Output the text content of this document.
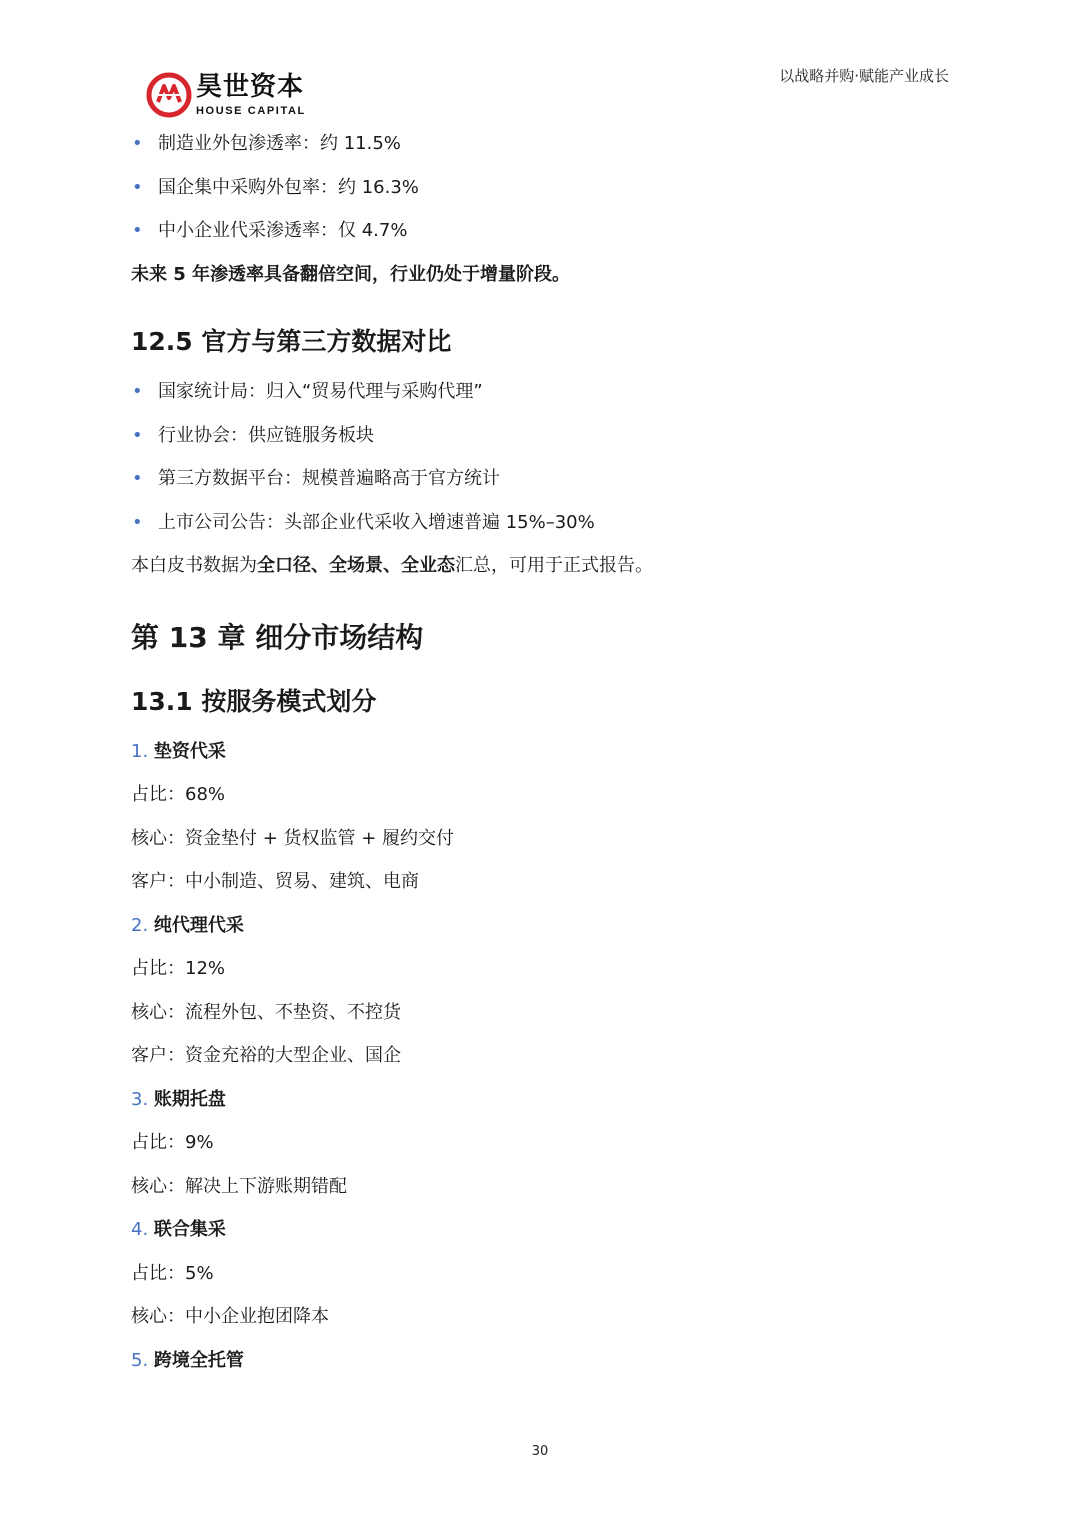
昊世资本
HOUSE CAPITAL
以战略并购·赋能产业成长
• 制造业外包渗透率：约 11.5%
• 国企集中采购外包率：约 16.3%
• 中小企业代采渗透率：仅 4.7%
未来 5 年渗透率具备翻倍空间，行业仍处于增量阶段。
12.5 官方与第三方数据对比
• 国家统计局：归入“贸易代理与采购代理”
• 行业协会：供应链服务板块
• 第三方数据平台：规模普遍略高于官方统计
• 上市公司公告：头部企业代采收入增速普遍 15%–30%
本白皮书数据为全口径、全场景、全业态汇总，可用于正式报告。
第 13 章 细分市场结构
13.1 按服务模式划分
1. 垫资代采
占比：68%
核心：资金垫付 + 货权监管 + 履约交付
客户：中小制造、贸易、建筑、电商
2. 纯代理代采
占比：12%
核心：流程外包、不垫资、不控货
客户：资金充裕的大型企业、国企
3. 账期托盘
占比：9%
核心：解决上下游账期错配
4. 联合集采
占比：5%
核心：中小企业抱团降本
5. 跨境全托管
30
